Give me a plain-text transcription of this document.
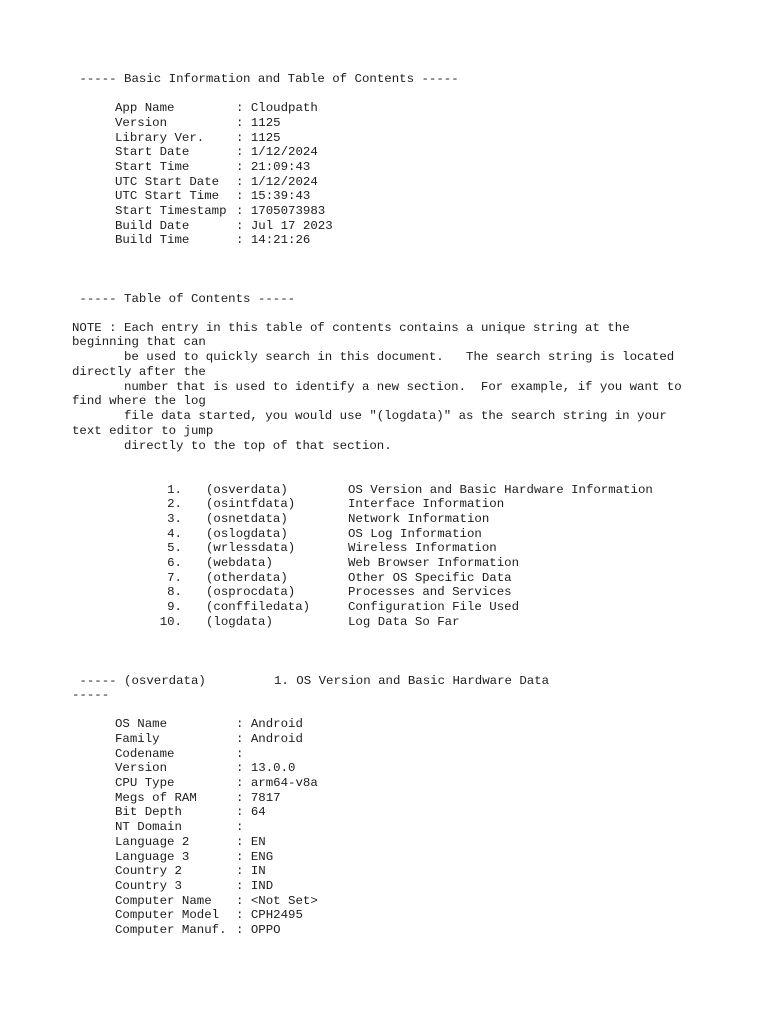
----- Basic Information and Table of Contents -----
App Name	: Cloudpath
Version	: 1125
Library Ver.	: 1125
Start Date	: 1/12/2024
Start Time	: 21:09:43
UTC Start Date : 1/12/2024
UTC Start Time : 15:39:43
Start Timestamp : 1705073983
Build Date	: Jul 17 2023
Build Time	: 14:21:26
----- Table of Contents -----
NOTE : Each entry in this table of contents contains a unique string at the
beginning that can
be used to quickly search in this document.   The search string is located
directly after the
number that is used to identify a new section.  For example, if you want to
find where the log
file data started, you would use "(logdata)" as the search string in your
text editor to jump
directly to the top of that section.
1. (osverdata)	OS Version and Basic Hardware Information
2. (osintfdata)	Interface Information
3. (osnetdata)	Network Information
4. (oslogdata)	OS Log Information
5. (wrlessdata)	Wireless Information
6. (webdata)	Web Browser Information
7. (otherdata)	Other OS Specific Data
8. (osprocdata)	Processes and Services
9. (conffiledata)	Configuration File Used
10. (logdata)	Log Data So Far
----- (osverdata)	1. OS Version and Basic Hardware Data
-----
OS Name	: Android
Family	: Android
Codename	:
Version	: 13.0.0
CPU Type	: arm64-v8a
Megs of RAM	: 7817
Bit Depth	: 64
NT Domain	:
Language 2	: EN
Language 3	: ENG
Country 2	: IN
Country 3	: IND
Computer Name : <Not Set>
Computer Model : CPH2495
Computer Manuf. : OPPO
